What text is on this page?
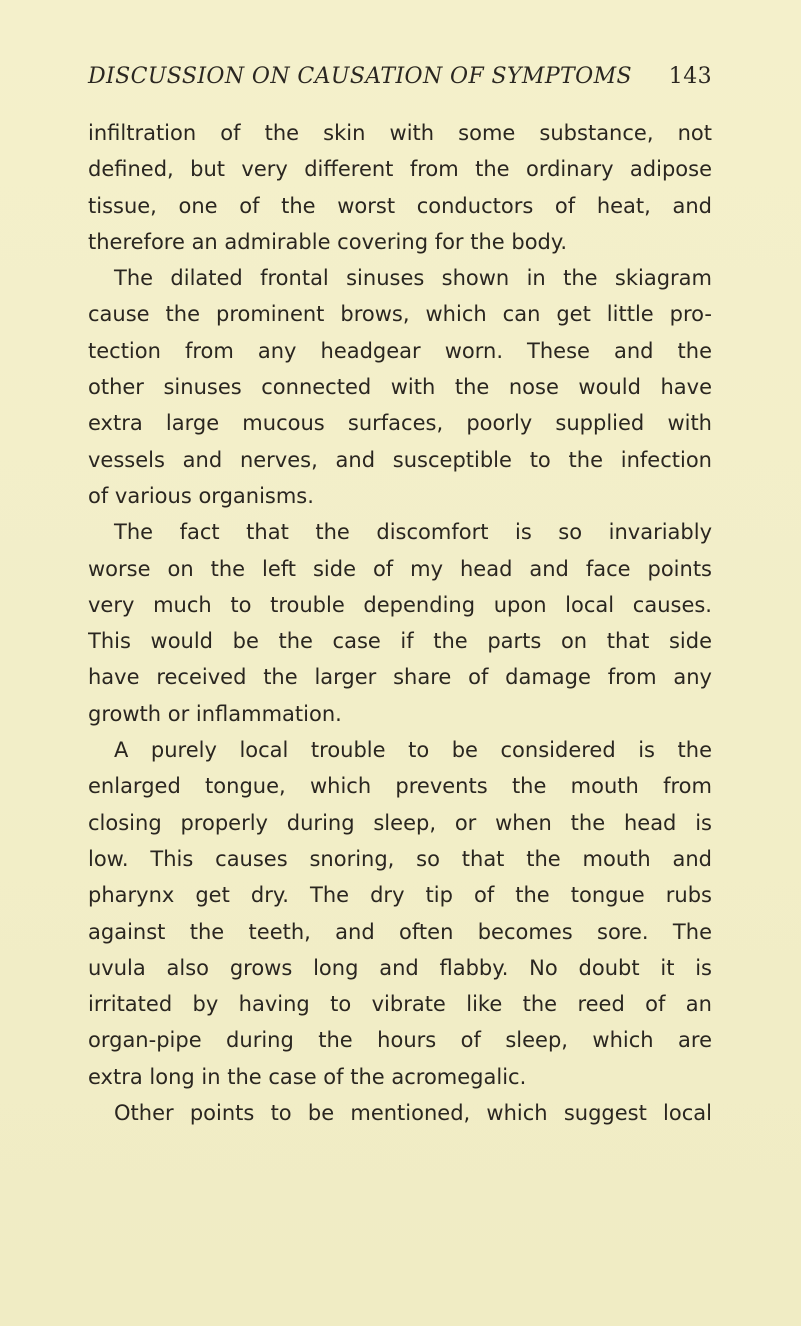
DISCUSSION ON CAUSATION OF SYMPTOMS 143
infiltration of the skin with some substance, not
defined, but very different from the ordinary adipose
tissue, one of the worst conductors of heat, and
therefore an admirable covering for the body.
The dilated frontal sinuses shown in the skiagram
cause the prominent brows, which can get little pro-
tection from any headgear worn. These and the
other sinuses connected with the nose would have
extra large mucous surfaces, poorly supplied with
vessels and nerves, and susceptible to the infection
of various organisms.
The fact that the discomfort is so invariably
worse on the left side of my head and face points
very much to trouble depending upon local causes.
This would be the case if the parts on that side
have received the larger share of damage from any
growth or inflammation.
A purely local trouble to be considered is the
enlarged tongue, which prevents the mouth from
closing properly during sleep, or when the head is
low. This causes snoring, so that the mouth and
pharynx get dry. The dry tip of the tongue rubs
against the teeth, and often becomes sore. The
uvula also grows long and flabby. No doubt it is
irritated by having to vibrate like the reed of an
organ-pipe during the hours of sleep, which are
extra long in the case of the acromegalic.
Other points to be mentioned, which suggest local
